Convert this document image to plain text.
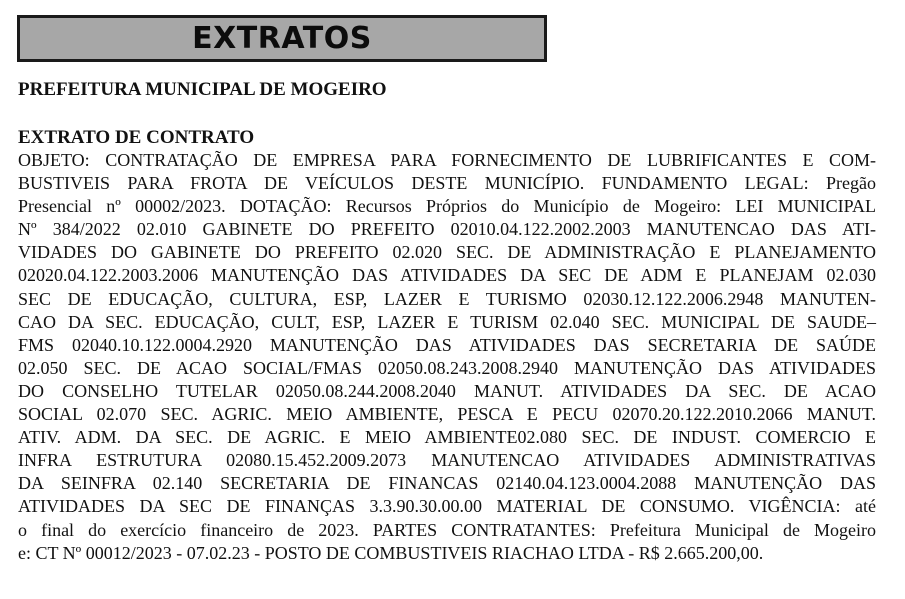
EXTRATOS
PREFEITURA MUNICIPAL DE MOGEIRO
EXTRATO DE CONTRATO
OBJETO: CONTRATAÇÃO DE EMPRESA PARA FORNECIMENTO DE LUBRIFICANTES E COM-
BUSTIVEIS PARA FROTA DE VEÍCULOS DESTE MUNICÍPIO. FUNDAMENTO LEGAL: Pregão
Presencial nº 00002/2023. DOTAÇÃO: Recursos Próprios do Município de Mogeiro: LEI MUNICIPAL
Nº 384/2022 02.010 GABINETE DO PREFEITO 02010.04.122.2002.2003 MANUTENCAO DAS ATI-
VIDADES DO GABINETE DO PREFEITO 02.020 SEC. DE ADMINISTRAÇÃO E PLANEJAMENTO
02020.04.122.2003.2006 MANUTENÇÃO DAS ATIVIDADES DA SEC DE ADM E PLANEJAM 02.030
SEC DE EDUCAÇÃO, CULTURA, ESP, LAZER E TURISMO 02030.12.122.2006.2948 MANUTEN-
CAO DA SEC. EDUCAÇÃO, CULT, ESP, LAZER E TURISM 02.040 SEC. MUNICIPAL DE SAUDE–
FMS 02040.10.122.0004.2920 MANUTENÇÃO DAS ATIVIDADES DAS SECRETARIA DE SAÚDE
02.050 SEC. DE ACAO SOCIAL/FMAS 02050.08.243.2008.2940 MANUTENÇÃO DAS ATIVIDADES
DO CONSELHO TUTELAR 02050.08.244.2008.2040 MANUT. ATIVIDADES DA SEC. DE ACAO
SOCIAL 02.070 SEC. AGRIC. MEIO AMBIENTE, PESCA E PECU 02070.20.122.2010.2066 MANUT.
ATIV. ADM. DA SEC. DE AGRIC. E MEIO AMBIENTE02.080 SEC. DE INDUST. COMERCIO E
INFRA ESTRUTURA 02080.15.452.2009.2073 MANUTENCAO ATIVIDADES ADMINISTRATIVAS
DA SEINFRA 02.140 SECRETARIA DE FINANCAS 02140.04.123.0004.2088 MANUTENÇÃO DAS
ATIVIDADES DA SEC DE FINANÇAS 3.3.90.30.00.00 MATERIAL DE CONSUMO. VIGÊNCIA: até
o final do exercício financeiro de 2023. PARTES CONTRATANTES: Prefeitura Municipal de Mogeiro
e: CT Nº 00012/2023 - 07.02.23 - POSTO DE COMBUSTIVEIS RIACHAO LTDA - R$ 2.665.200,00.
